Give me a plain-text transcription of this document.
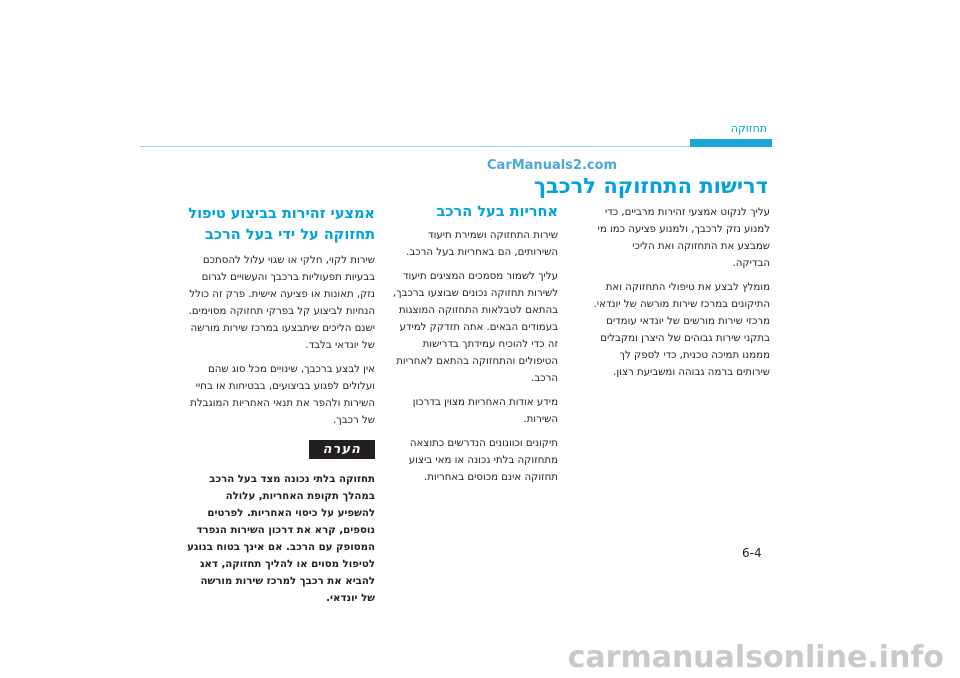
תחזוקה
CarManuals2.com
דרישות התחזוקה לרכבך

עליך לנקוט אמצעי זהירות מרביים, כדי למנוע נזק לרכבך, ולמנוע פציעה כמו מי שמבצע את התחזוקה ואת הליכי הבדיקה.

מומלץ לבצע את טיפולי התחזוקה ואת התיקונים במרכז שירות מורשה של יונדאי. מרכזי שירות מורשים של יונדאי עומדים בתקני שירות גבוהים של היצרן ומקבלים מממנו תמיכה טכנית, כדי לספק לך שירותים ברמה גבוהה ומשביעת רצון.

אחריות בעל הרכב

שירות התחזוקה ושמירת תיעוד השירותים, הם באחריות בעל הרכב.

עליך לשמור מסמכים המציגים תיעוד לשירות תחזוקה נכונים שבוצעו ברכבך, בהתאם לטבלאות התחזוקה המוצגות בעמודים הבאים. אתה תזדקק למידע זה כדי להוכיח עמידתך בדרישות הטיפולים והתחזוקה בהתאם לאחריות הרכב.

מידע אודות האחריות מצוין בדרכון השירות.

תיקונים וכוונונים הנדרשים כתוצאה מתחזוקה בלתי נכונה או מאי ביצוע תחזוקה אינם מכוסים באחריות.

אמצעי זהירות בביצוע טיפול
תחזוקה על ידי בעל הרכב

שירות לקוי, חלקי או שגוי עלול להסתכם בבעיות תפעוליות ברכבך והעשויים לגרום נזק, תאונות או פציעה אישית. פרק זה כולל הנחיות לביצוע קל בפרקי תחזוקה מסוימים. ישנם הליכים שיתבצעו במרכז שירות מורשה של יונדאי בלבד.

אין לבצע ברכבך, שינויים מכל סוג שהם ועלולים לפגוע בביצועים, בבטיחות או בחיי השירות ולהפר את תנאי האחריות המוגבלת של רכבך.

הערה
תחזוקה בלתי נכונה מצד בעל הרכב במהלך תקופת האחריות, עלולה להשפיע על כיסוי האחריות. לפרטים נוספים, קרא את דרכון השירות הנפרד המסופק עם הרכב. אם אינך בטוח בנוגע לטיפול מסוים או להליך תחזוקה, דאג להביא את רכבך למרכז שירות מורשה של יונדאי.
6-4
carmanualsonline.info
